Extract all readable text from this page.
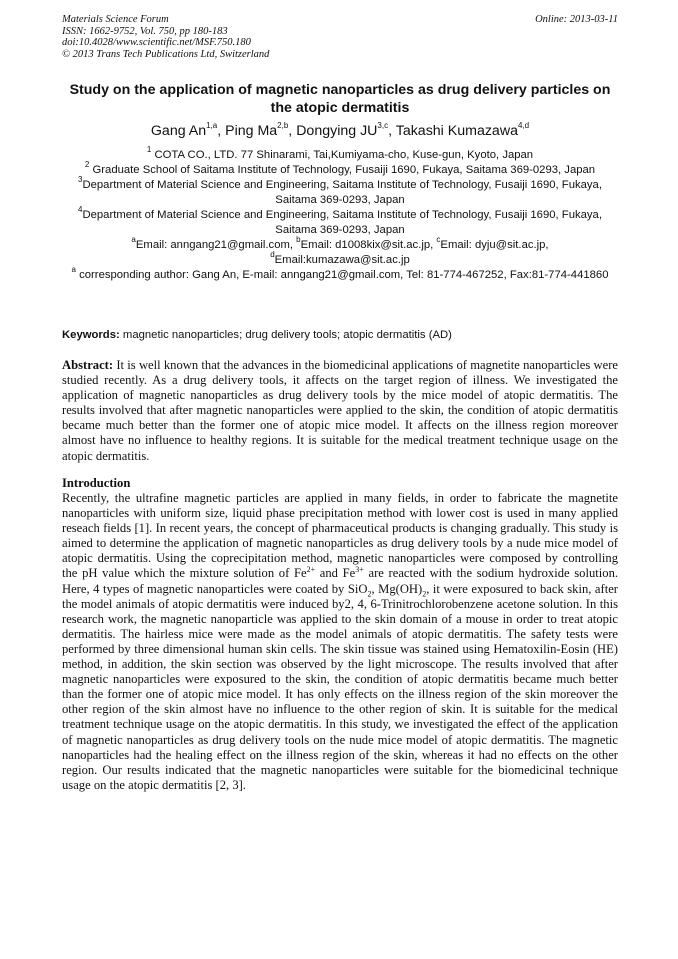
Materials Science Forum
ISSN: 1662-9752, Vol. 750, pp 180-183
doi:10.4028/www.scientific.net/MSF.750.180
© 2013 Trans Tech Publications Ltd, Switzerland
Online: 2013-03-11
Study on the application of magnetic nanoparticles as drug delivery particles on the atopic dermatitis
Gang An$^{1,a}$, Ping Ma$^{2,b}$, Dongying JU$^{3,c}$, Takashi Kumazawa$^{4,d}$
$^1$ COTA CO., LTD. 77 Shinarami, Tai,Kumiyama-cho, Kuse-gun, Kyoto, Japan
$^2$ Graduate School of Saitama Institute of Technology, Fusaiji 1690, Fukaya, Saitama 369-0293, Japan
$^3$Department of Material Science and Engineering, Saitama Institute of Technology, Fusaiji 1690, Fukaya, Saitama 369-0293, Japan
$^4$Department of Material Science and Engineering, Saitama Institute of Technology, Fusaiji 1690, Fukaya, Saitama 369-0293, Japan
$^a$Email: anngang21@gmail.com, $^b$Email: d1008kix@sit.ac.jp, $^c$Email: dyju@sit.ac.jp,
$^d$Email:kumazawa@sit.ac.jp
$^a$ corresponding author: Gang An, E-mail: anngang21@gmail.com, Tel: 81-774-467252, Fax:81-774-441860
Keywords: magnetic nanoparticles; drug delivery tools; atopic dermatitis (AD)
Abstract: It is well known that the advances in the biomedicinal applications of magnetite nanoparticles were studied recently. As a drug delivery tools, it affects on the target region of illness. We investigated the application of magnetic nanoparticles as drug delivery tools by the mice model of atopic dermatitis. The results involved that after magnetic nanoparticles were applied to the skin, the condition of atopic dermatitis became much better than the former one of atopic mice model. It affects on the illness region moreover almost have no influence to healthy regions. It is suitable for the medical treatment technique usage on the atopic dermatitis.
Introduction
Recently, the ultrafine magnetic particles are applied in many fields, in order to fabricate the magnetite nanoparticles with uniform size, liquid phase precipitation method with lower cost is used in many applied reseach fields [1]. In recent years, the concept of pharmaceutical products is changing gradually. This study is aimed to determine the application of magnetic nanoparticles as drug delivery tools by a nude mice model of atopic dermatitis. Using the coprecipitation method, magnetic nanoparticles were composed by controlling the pH value which the mixture solution of $Fe^{2+}$ and $Fe^{3+}$ are reacted with the sodium hydroxide solution. Here, 4 types of magnetic nanoparticles were coated by SiO$_2$, $Mg(OH)_2$, it were exposured to back skin, after the model animals of atopic dermatitis were induced by2, 4, 6-Trinitrochlorobenzene acetone solution. In this research work, the magnetic nanoparticle was applied to the skin domain of a mouse in order to treat atopic dermatitis. The hairless mice were made as the model animals of atopic dermatitis. The safety tests were performed by three dimensional human skin cells. The skin tissue was stained using Hematoxilin-Eosin (HE) method, in addition, the skin section was observed by the light microscope. The results involved that after magnetic nanoparticles were exposured to the skin, the condition of atopic dermatitis became much better than the former one of atopic mice model. It has only effects on the illness region of the skin moreover the other region of the skin almost have no influence to the other region of skin. It is suitable for the medical treatment technique usage on the atopic dermatitis. In this study, we investigated the effect of the application of magnetic nanoparticles as drug delivery tools on the nude mice model of atopic dermatitis. The magnetic nanoparticles had the healing effect on the illness region of the skin, whereas it had no effects on the other region. Our results indicated that the magnetic nanoparticles were suitable for the biomedicinal technique usage on the atopic dermatitis [2, 3].
